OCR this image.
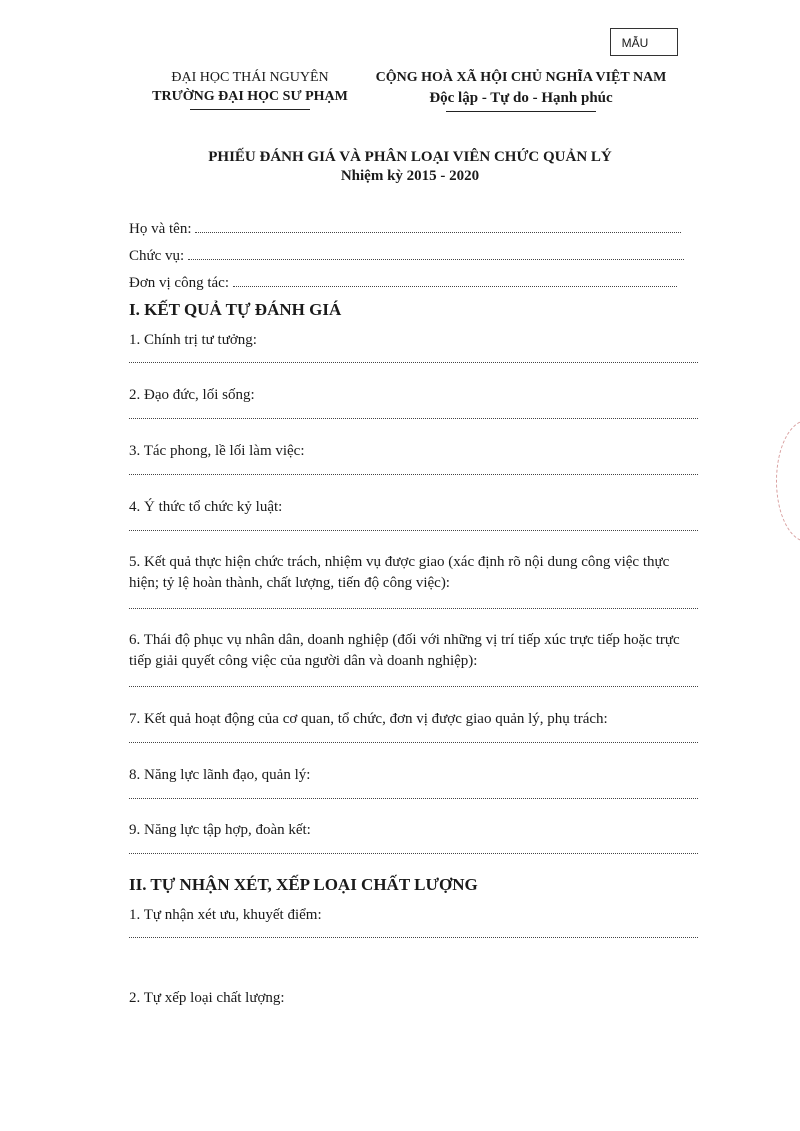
MẪU
ĐẠI HỌC THÁI NGUYÊN
TRƯỜNG ĐẠI HỌC SƯ PHẠM
CỘNG HOÀ XÃ HỘI CHỦ NGHĨA VIỆT NAM
Độc lập - Tự do - Hạnh phúc
PHIẾU ĐÁNH GIÁ VÀ PHÂN LOẠI VIÊN CHỨC QUẢN LÝ
Nhiệm kỳ 2015 - 2020
Họ và tên:
Chức vụ:
Đơn vị công tác:
I. KẾT QUẢ TỰ ĐÁNH GIÁ
1. Chính trị tư tưởng:
2. Đạo đức, lối sống:
3. Tác phong, lề lối làm việc:
4. Ý thức tổ chức kỷ luật:
5. Kết quả thực hiện chức trách, nhiệm vụ được giao (xác định rõ nội dung công việc thực hiện; tỷ lệ hoàn thành, chất lượng, tiến độ công việc):
6. Thái độ phục vụ nhân dân, doanh nghiệp (đối với những vị trí tiếp xúc trực tiếp hoặc trực tiếp giải quyết công việc của người dân và doanh nghiệp):
7. Kết quả hoạt động của cơ quan, tổ chức, đơn vị được giao quản lý, phụ trách:
8. Năng lực lãnh đạo, quản lý:
9. Năng lực tập hợp, đoàn kết:
II. TỰ NHẬN XÉT, XẾP LOẠI CHẤT LƯỢNG
1. Tự nhận xét ưu, khuyết điểm:
2. Tự xếp loại chất lượng:
